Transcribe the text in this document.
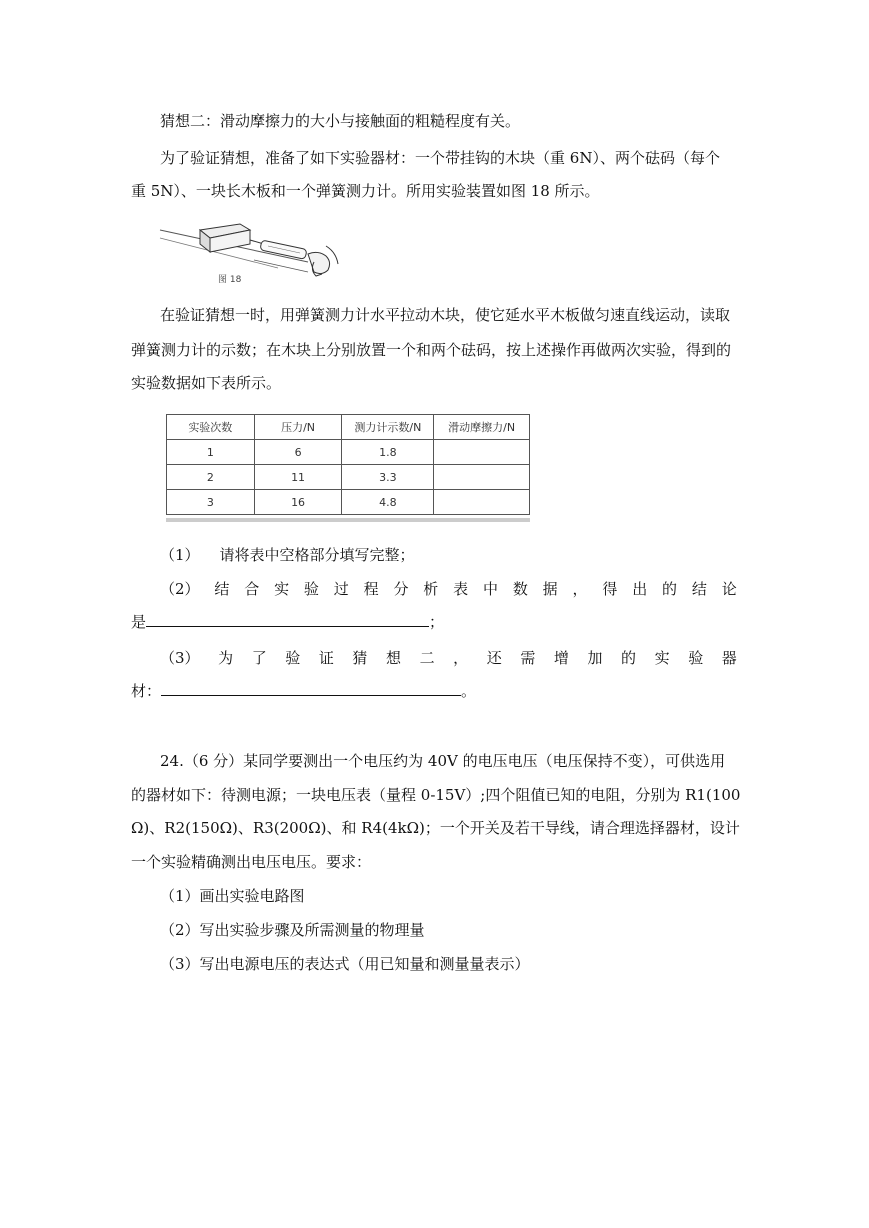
猜想二：滑动摩擦力的大小与接触面的粗糙程度有关。
为了验证猜想，准备了如下实验器材：一个带挂钩的木块（重 6N）、两个砝码（每个
重 5N）、一块长木板和一个弹簧测力计。所用实验装置如图 18 所示。
图 18
在验证猜想一时，用弹簧测力计水平拉动木块，使它延水平木板做匀速直线运动，读取
弹簧测力计的示数；在木块上分别放置一个和两个砝码，按上述操作再做两次实验，得到的
实验数据如下表所示。
实验次数	压力/N	测力计示数/N	滑动摩擦力/N
1	6	1.8	
2	11	3.3	
3	16	4.8	
（1） 请将表中空格部分填写完整；
（2） 结 合 实 验 过 程 分 析 表 中 数 据 ， 得 出 的 结 论
是	；
（3） 为 了 验 证 猜 想 二 ， 还 需 增 加 的 实 验 器
材：	。
24.（6 分）某同学要测出一个电压约为 40V 的电压电压（电压保持不变），可供选用
的器材如下：待测电源；一块电压表（量程 0-15V）;四个阻值已知的电阻，分别为 R1(100
Ω)、R2(150Ω)、R3(200Ω)、和 R4(4kΩ)；一个开关及若干导线，请合理选择器材，设计
一个实验精确测出电压电压。要求：
（1）画出实验电路图
（2）写出实验步骤及所需测量的物理量
（3）写出电源电压的表达式（用已知量和测量量表示）
